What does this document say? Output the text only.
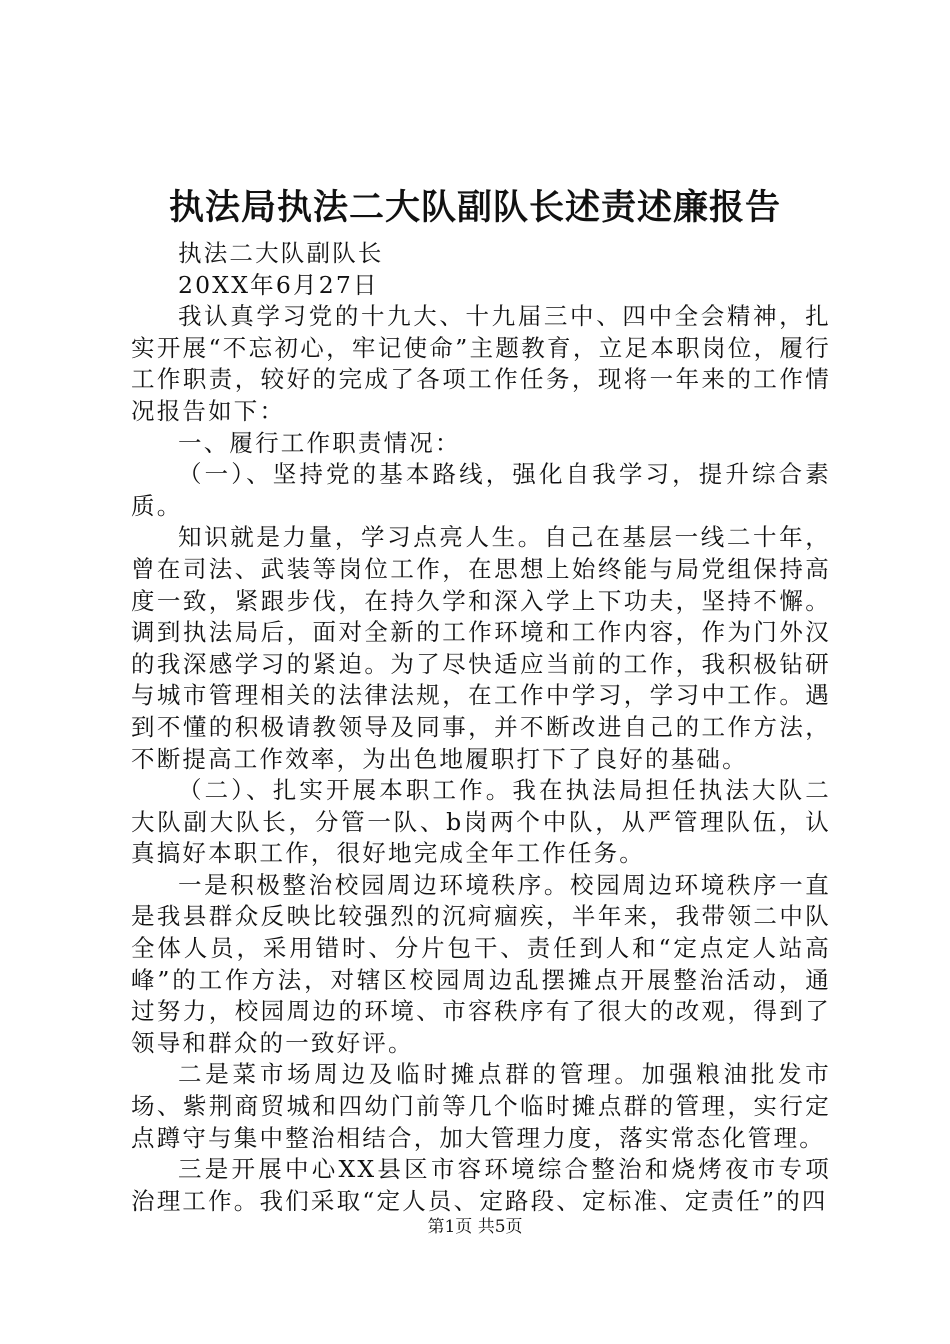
执法局执法二大队副队长述责述廉报告

执法二大队副队长

20XX年6月27日

我认真学习党的十九大、十九届三中、四中全会精神，扎实开展“不忘初心，牢记使命”主题教育，立足本职岗位，履行工作职责，较好的完成了各项工作任务，现将一年来的工作情况报告如下：

一、履行工作职责情况：

（一）、坚持党的基本路线，强化自我学习，提升综合素质。

知识就是力量，学习点亮人生。自己在基层一线二十年，曾在司法、武装等岗位工作，在思想上始终能与局党组保持高度一致，紧跟步伐，在持久学和深入学上下功夫，坚持不懈。调到执法局后，面对全新的工作环境和工作内容，作为门外汉的我深感学习的紧迫。为了尽快适应当前的工作，我积极钻研与城市管理相关的法律法规，在工作中学习，学习中工作。遇到不懂的积极请教领导及同事，并不断改进自己的工作方法，不断提高工作效率，为出色地履职打下了良好的基础。

（二）、扎实开展本职工作。我在执法局担任执法大队二大队副大队长，分管一队、b岗两个中队，从严管理队伍，认真搞好本职工作，很好地完成全年工作任务。

一是积极整治校园周边环境秩序。校园周边环境秩序一直是我县群众反映比较强烈的沉疴痼疾，半年来，我带领二中队全体人员，采用错时、分片包干、责任到人和“定点定人站高峰”的工作方法，对辖区校园周边乱摆摊点开展整治活动，通过努力，校园周边的环境、市容秩序有了很大的改观，得到了领导和群众的一致好评。

二是菜市场周边及临时摊点群的管理。加强粮油批发市场、紫荆商贸城和四幼门前等几个临时摊点群的管理，实行定点蹲守与集中整治相结合，加大管理力度，落实常态化管理。

三是开展中心XX县区市容环境综合整治和烧烤夜市专项治理工作。我们采取“定人员、定路段、定标准、定责任”的四

第1页 共5页
